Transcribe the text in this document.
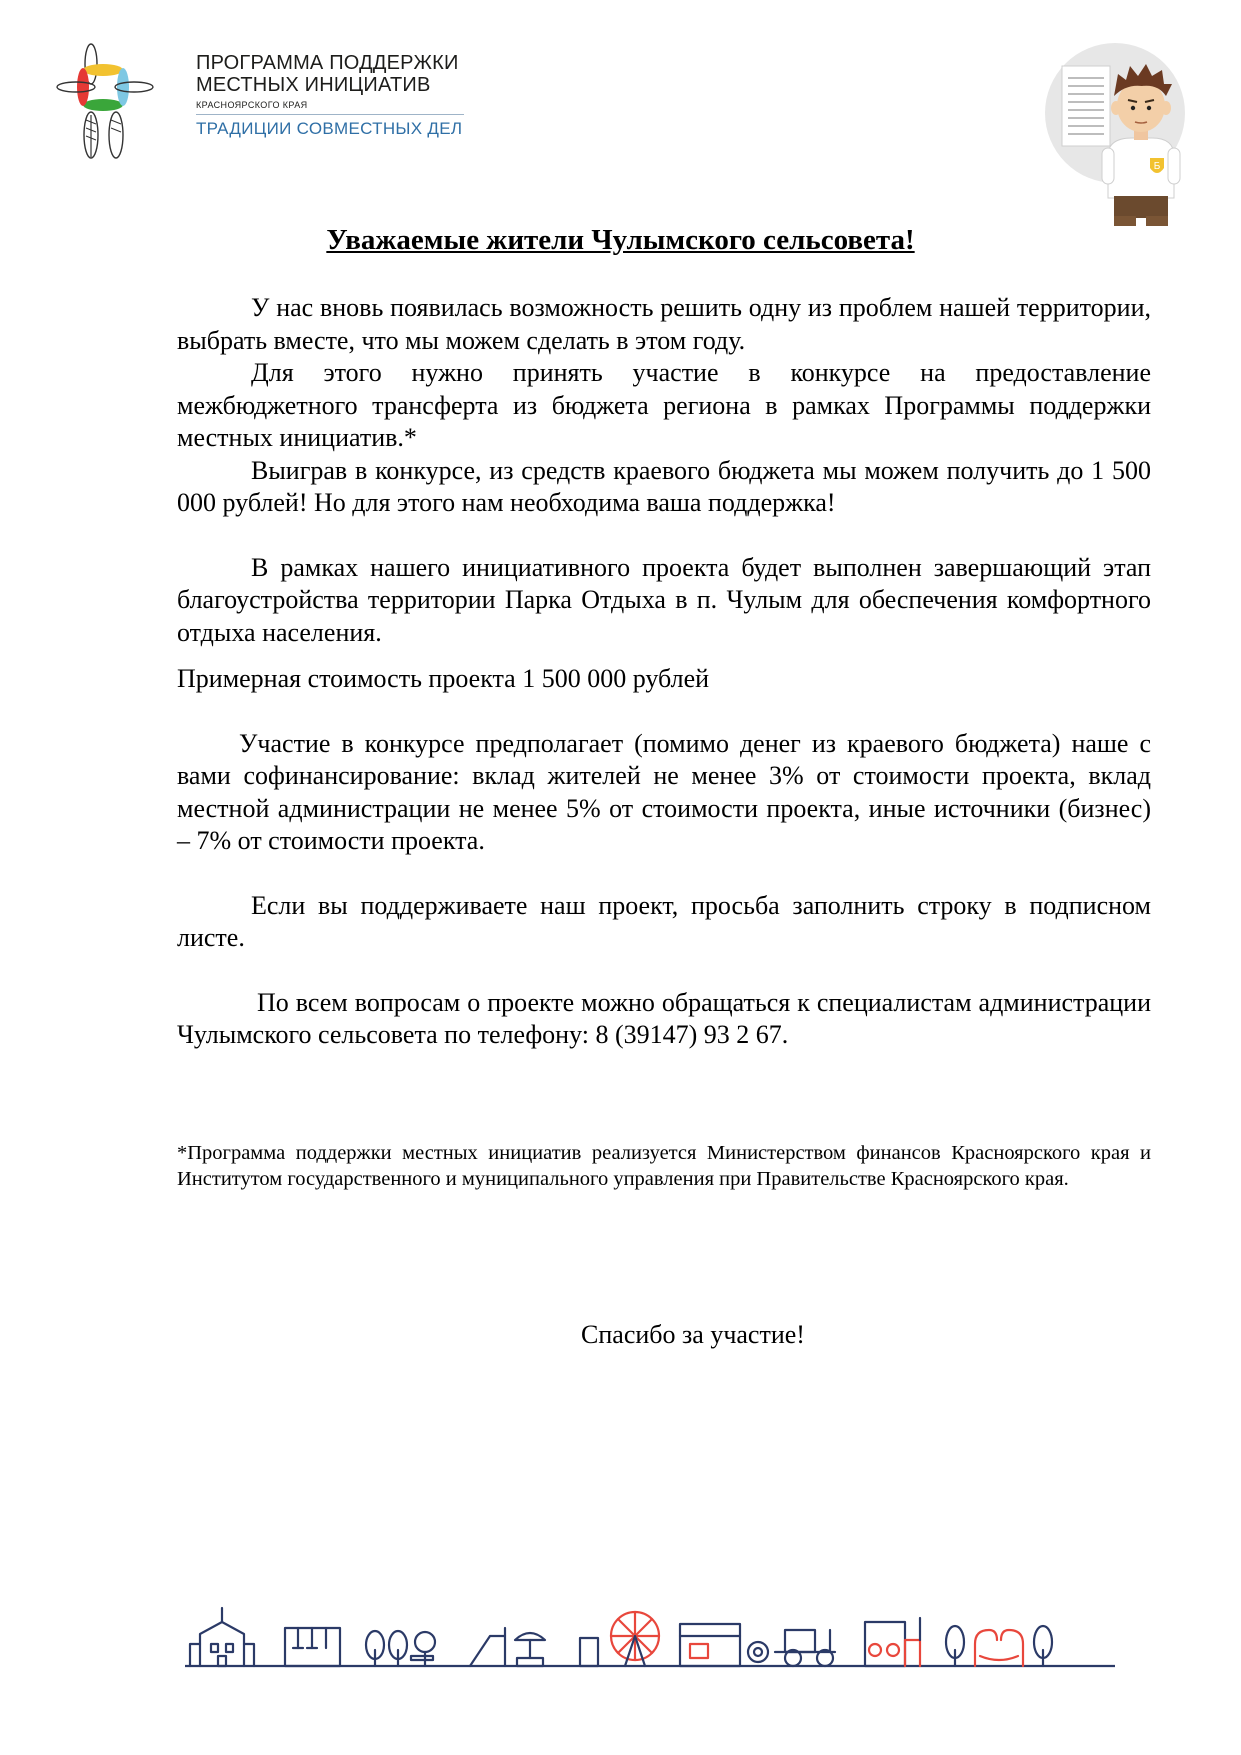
ПРОГРАММА ПОДДЕРЖКИ
МЕСТНЫХ ИНИЦИАТИВ
КРАСНОЯРСКОГО КРАЯ
ТРАДИЦИИ СОВМЕСТНЫХ ДЕЛ
Б
Уважаемые жители Чулымского сельсовета!

У нас вновь появилась возможность решить одну из проблем нашей территории, выбрать вместе, что мы можем сделать в этом году.

Для этого нужно принять участие в конкурсе на предоставление межбюджетного трансферта из бюджета региона в рамках Программы поддержки местных инициатив.*

Выиграв в конкурсе, из средств краевого бюджета мы можем получить до 1 500 000 рублей! Но для этого нам необходима ваша поддержка!

В рамках нашего инициативного проекта будет выполнен завершающий этап благоустройства территории Парка Отдыха в п. Чулым для обеспечения комфортного отдыха населения.

Примерная стоимость проекта 1 500 000 рублей

Участие в конкурсе предполагает (помимо денег из краевого бюджета) наше с вами софинансирование: вклад жителей не менее 3% от стоимости проекта, вклад местной администрации не менее 5% от стоимости проекта, иные источники (бизнес) – 7% от стоимости проекта.

Если вы поддерживаете наш проект, просьба заполнить строку в подписном листе.

По всем вопросам о проекте можно обращаться к специалистам администрации Чулымского сельсовета по телефону: 8 (39147) 93 2 67.

*Программа поддержки местных инициатив реализуется Министерством финансов Красноярского края и Институтом государственного и муниципального управления при Правительстве Красноярского края.

Спасибо за участие!
